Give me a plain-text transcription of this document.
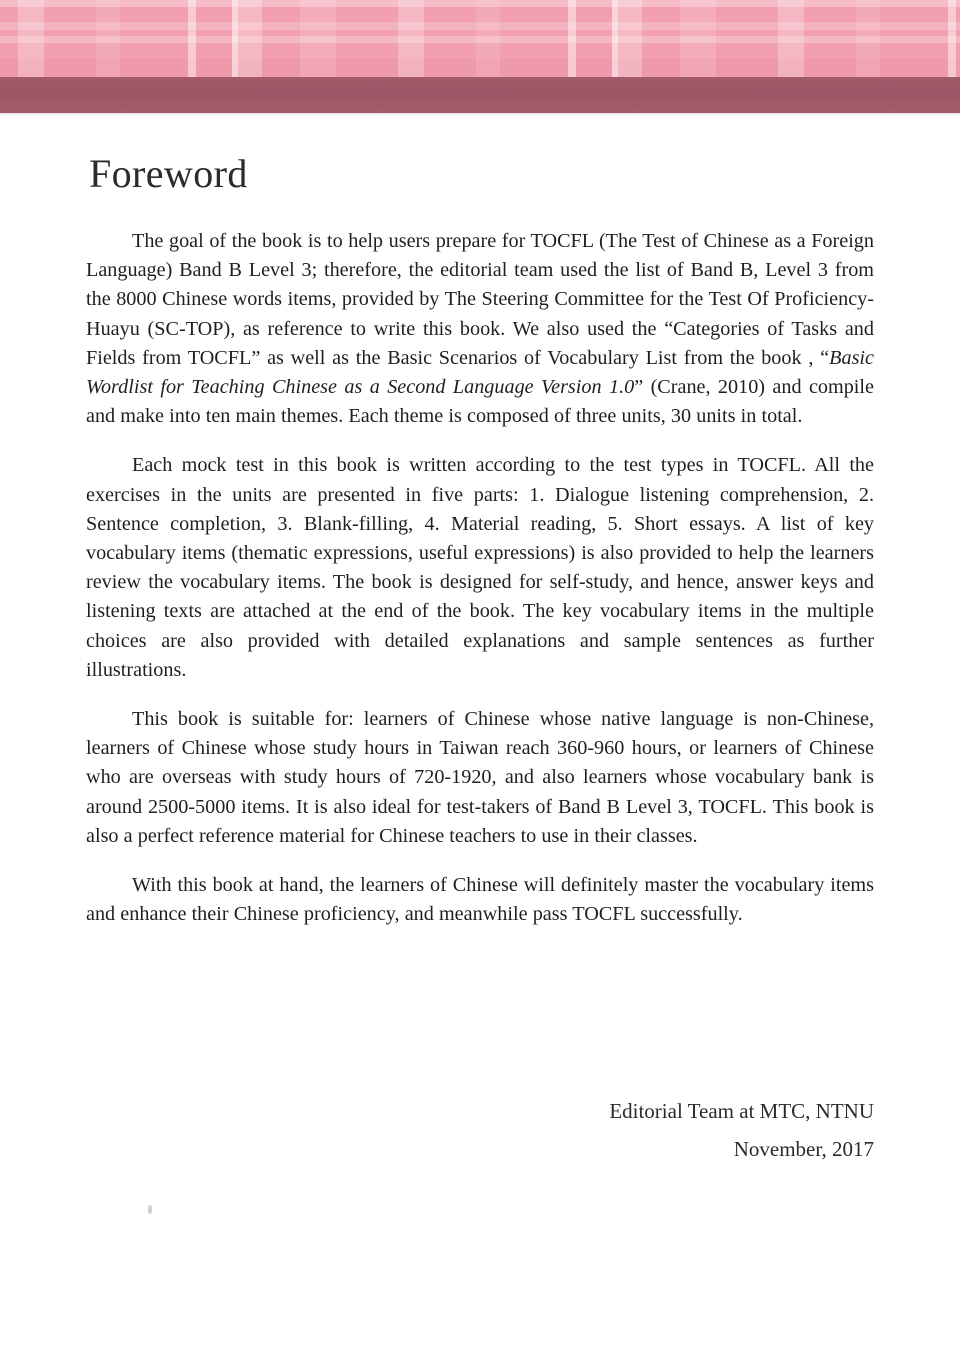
Foreword

The goal of the book is to help users prepare for TOCFL (The Test of Chinese as a Foreign Language) Band B Level 3; therefore, the editorial team used the list of Band B, Level 3 from the 8000 Chinese words items, provided by The Steering Committee for the Test Of Proficiency-Huayu (SC-TOP), as reference to write this book. We also used the “Categories of Tasks and Fields from TOCFL” as well as the Basic Scenarios of Vocabulary List from the book , “Basic Wordlist for Teaching Chinese as a Second Language Version 1.0” (Crane, 2010) and compile and make into ten main themes. Each theme is composed of three units, 30 units in total.

Each mock test in this book is written according to the test types in TOCFL. All the exercises in the units are presented in five parts: 1. Dialogue listening comprehension, 2. Sentence completion, 3. Blank-filling, 4. Material reading, 5. Short essays. A list of key vocabulary items (thematic expressions, useful expressions) is also provided to help the learners review the vocabulary items. The book is designed for self-study, and hence, answer keys and listening texts are attached at the end of the book. The key vocabulary items in the multiple choices are also provided with detailed explanations and sample sentences as further illustrations.

This book is suitable for: learners of Chinese whose native language is non-Chinese, learners of Chinese whose study hours in Taiwan reach 360-960 hours, or learners of Chinese who are overseas with study hours of 720-1920, and also learners whose vocabulary bank is around 2500-5000 items. It is also ideal for test-takers of Band B Level 3, TOCFL. This book is also a perfect reference material for Chinese teachers to use in their classes.

With this book at hand, the learners of Chinese will definitely master the vocabulary items and enhance their Chinese proficiency, and meanwhile pass TOCFL successfully.

Editorial Team at MTC, NTNU
November, 2017
